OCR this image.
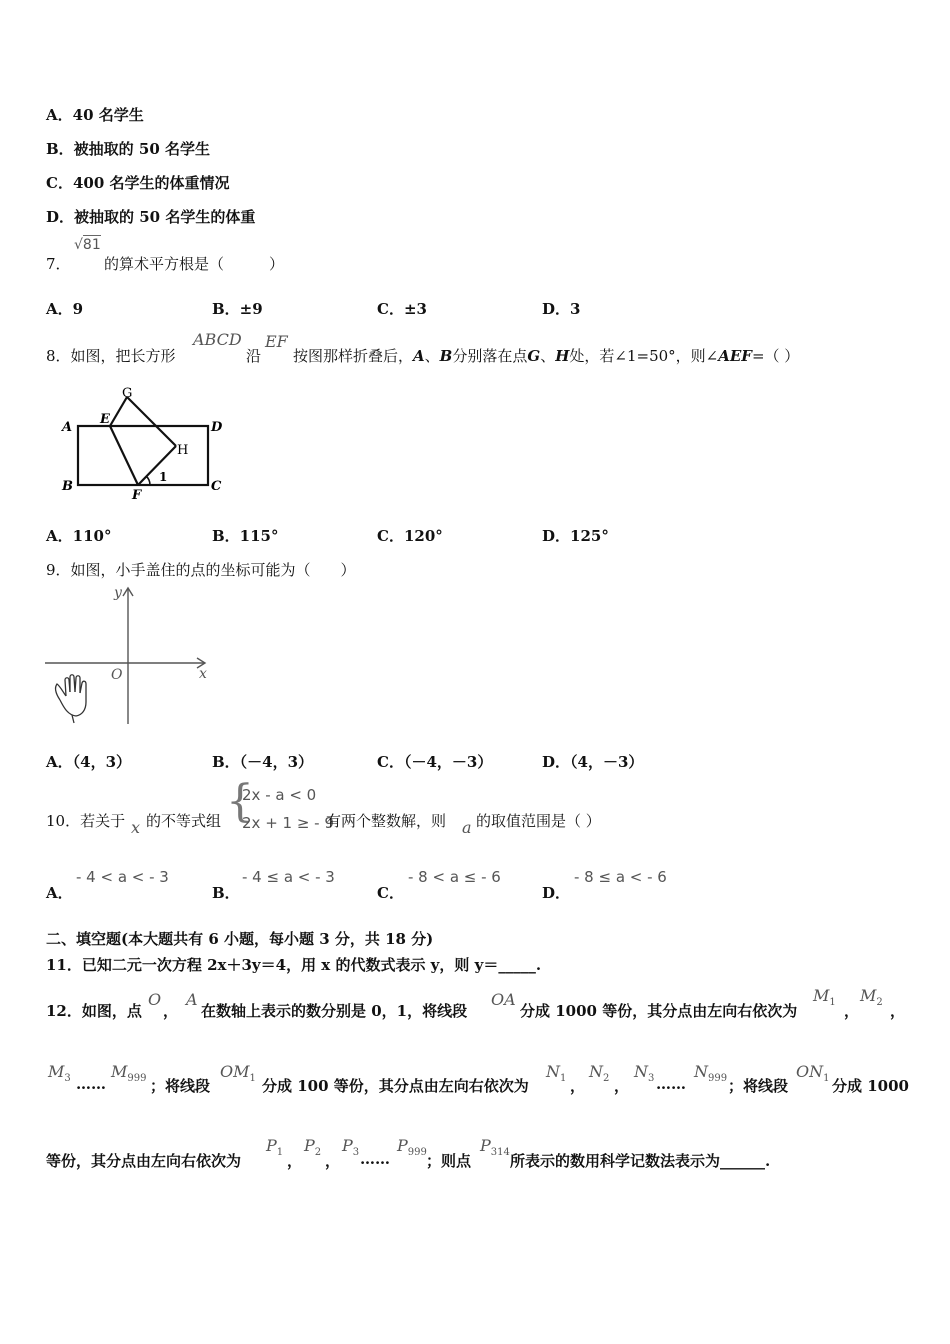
A．40 名学生
B．被抽取的 50 名学生
C．400 名学生的体重情况
D．被抽取的 50 名学生的体重
7．
√81
的算术平方根是（　　　）
A．9	B．±9	C．±3	D．3
8．如图，把长方形
ABCD
沿
EF
按图那样折叠后，A、B分别落在点G、H处，若∠1=50°，则∠AEF=（ ）
A
B	C
D
E
F
G
H
1
A．110°	B．115°	C．120°	D．125°
9．如图，小手盖住的点的坐标可能为（　　）
x
y
O
A．（4，3）	B．（－4，3）	C．（－4，－3）	D．（4，－3）
10．若关于 x 的不等式组 {
2x - a < 0
2x + 1 ≥ - 9
有两个整数解，则 a 的取值范围是（ ）
A．
- 4 < a < - 3
B．
- 4 ≤ a < - 3
C．
- 8 < a ≤ - 6
D．
- 8 ≤ a < - 6
二、填空题(本大题共有 6 小题，每小题 3 分，共 18 分)
11．已知二元一次方程 2x＋3y＝4，用 x 的代数式表示 y，则 y＝_____.
12．如图，点
O
，
A
在数轴上表示的数分别是 0，1，将线段
OA
分成 1000 等份，其分点由左向右依次为
$M_1$ ，
$M_2$ ，
$M_3$ ……
$M_{999}$ ；将线段
$OM_1$ 分成 100 等份，其分点由左向右依次为
$N_1$ ，
$N_2$ ，
$N_3$ ……
$N_{999}$ ；将线段
$ON_1$ 分成 1000
等份，其分点由左向右依次为
$P_1$ ，
$P_2$ ，
$P_3$ ……
$P_{999}$ ；则点
$P_{314}$ 所表示的数用科学记数法表示为______.
